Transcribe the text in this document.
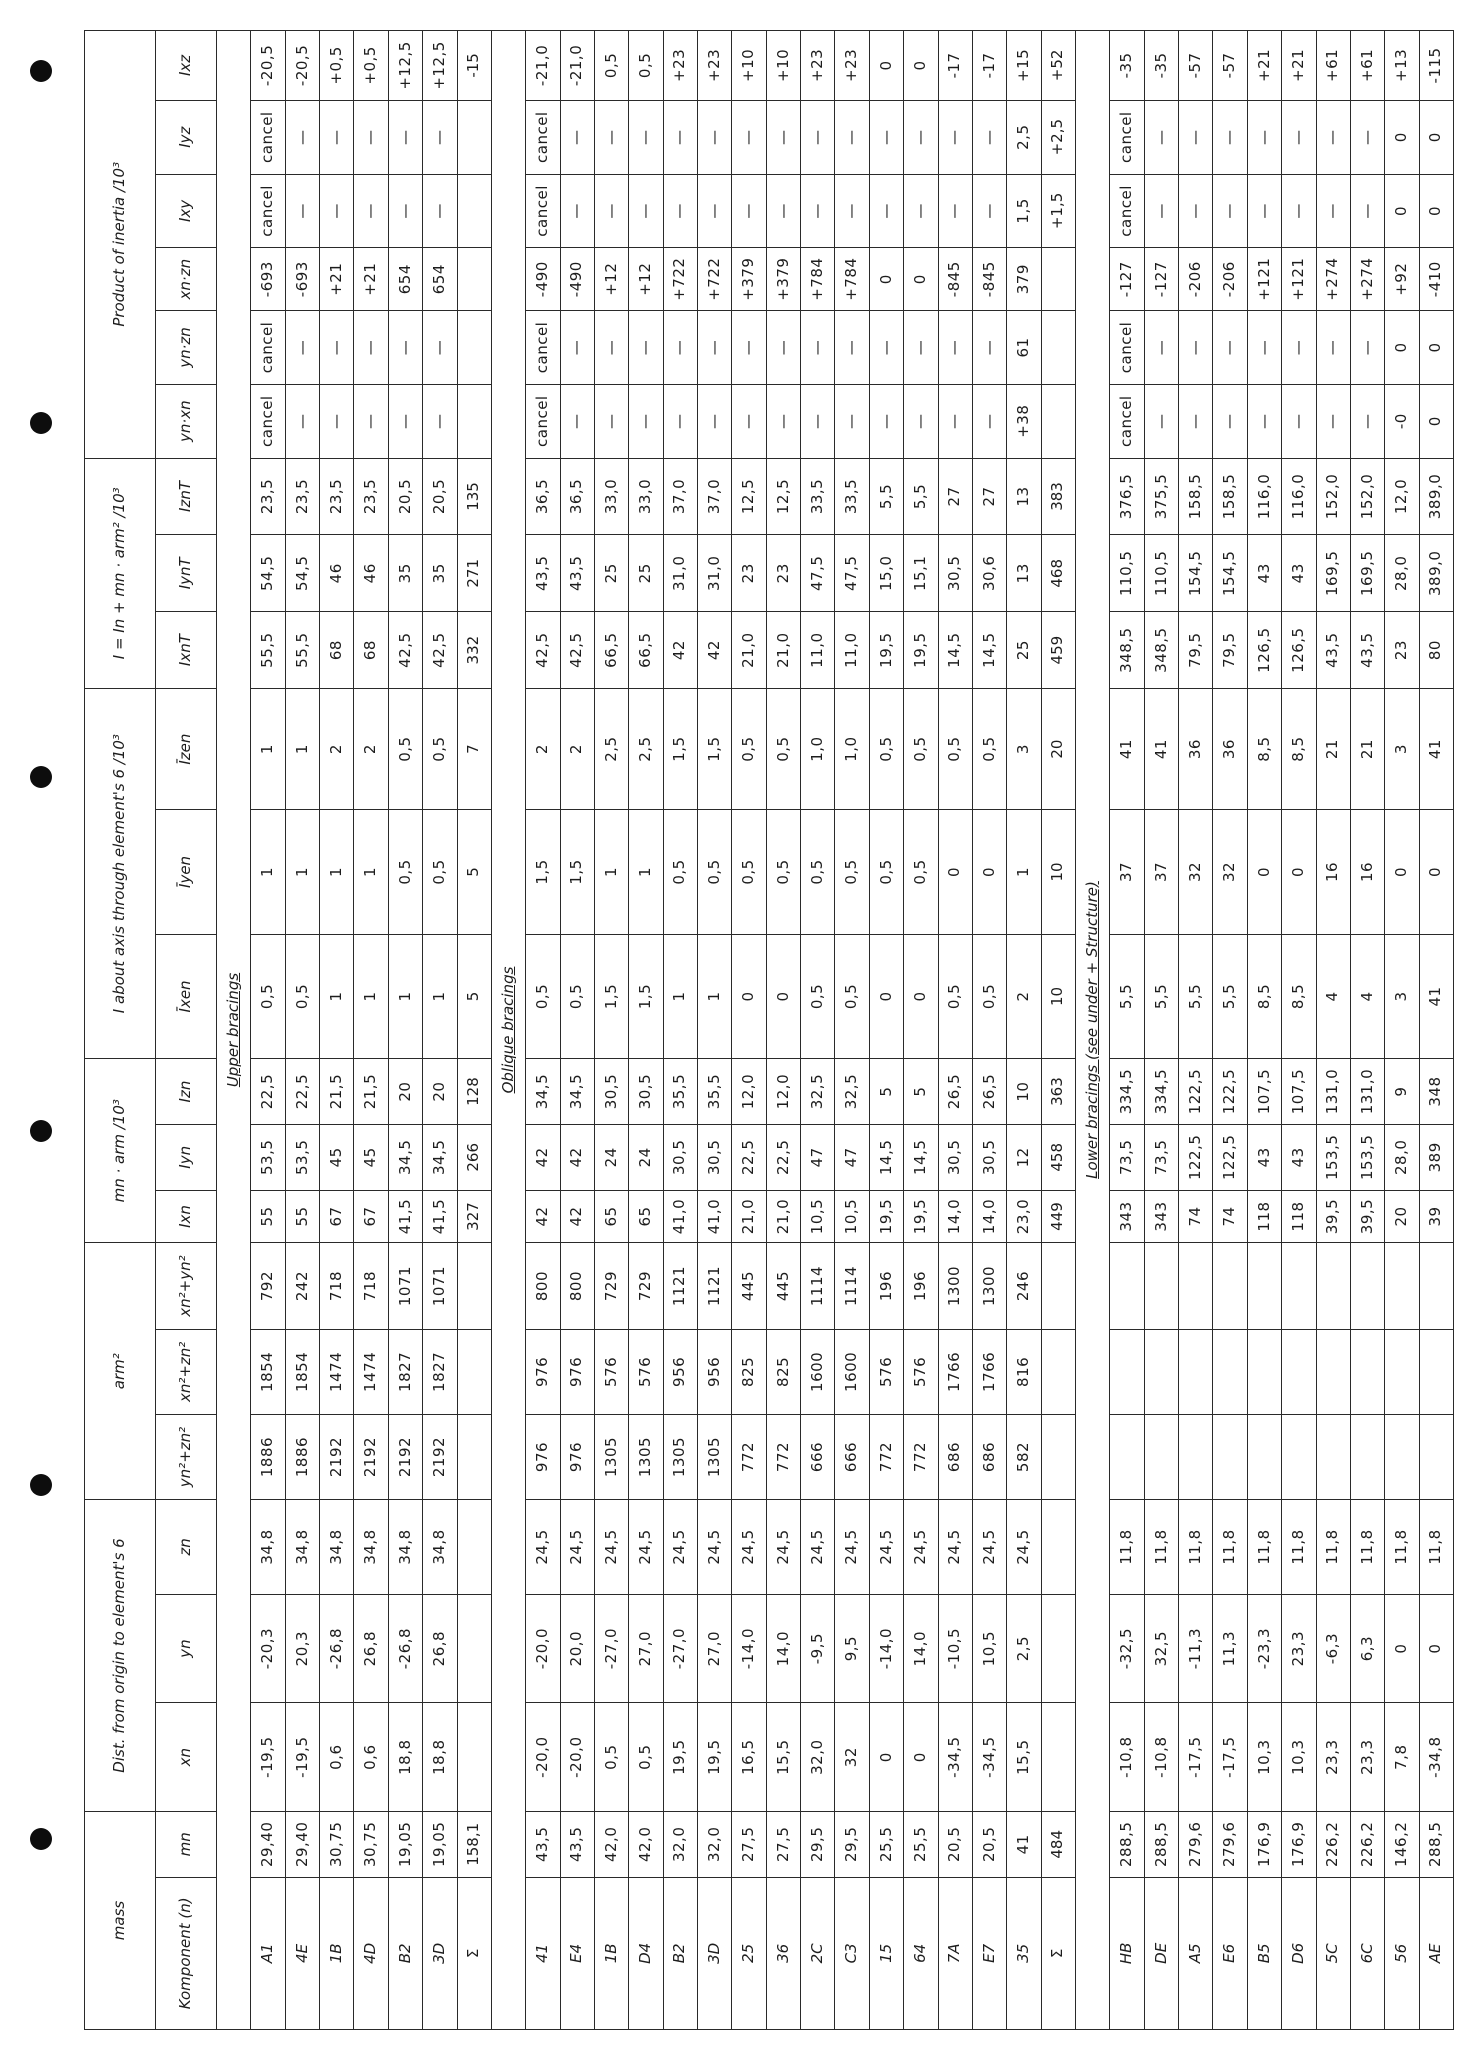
mass		Dist. from origin to element's 6			arm²			mn · arm /10³			I about axis through element's 6 /10³			I = In + mn · arm² /10³			Product of inertia /10³					
Komponent (n)	mn	xn	yn	zn	yn²+zn²	xn²+zn²	xn²+yn²	Ixn	Iyn	Izn	Īxen	Īyen	Īzen	IxnT	IynT	IznT	yn·xn	yn·zn	xn·zn	Ixy	Iyz	Ixz
Upper bracings																						
A1	29,40	-19,5	-20,3	34,8	1886	1854	792	55	53,5	22,5	0,5	1	1	55,5	54,5	23,5	cancel	cancel	-693	cancel	cancel	-20,5
4E	29,40	-19,5	20,3	34,8	1886	1854	242	55	53,5	22,5	0,5	1	1	55,5	54,5	23,5	—	—	-693	—	—	-20,5
1B	30,75	0,6	-26,8	34,8	2192	1474	718	67	45	21,5	1	1	2	68	46	23,5	—	—	+21	—	—	+0,5
4D	30,75	0,6	26,8	34,8	2192	1474	718	67	45	21,5	1	1	2	68	46	23,5	—	—	+21	—	—	+0,5
B2	19,05	18,8	-26,8	34,8	2192	1827	1071	41,5	34,5	20	1	0,5	0,5	42,5	35	20,5	—	—	654	—	—	+12,5
3D	19,05	18,8	26,8	34,8	2192	1827	1071	41,5	34,5	20	1	0,5	0,5	42,5	35	20,5	—	—	654	—	—	+12,5
Σ	158,1							327	266	128	5	5	7	332	271	135						-15
Oblique bracings																						
41	43,5	-20,0	-20,0	24,5	976	976	800	42	42	34,5	0,5	1,5	2	42,5	43,5	36,5	cancel	cancel	-490	cancel	cancel	-21,0
E4	43,5	-20,0	20,0	24,5	976	976	800	42	42	34,5	0,5	1,5	2	42,5	43,5	36,5	—	—	-490	—	—	-21,0
1B	42,0	0,5	-27,0	24,5	1305	576	729	65	24	30,5	1,5	1	2,5	66,5	25	33,0	—	—	+12	—	—	0,5
D4	42,0	0,5	27,0	24,5	1305	576	729	65	24	30,5	1,5	1	2,5	66,5	25	33,0	—	—	+12	—	—	0,5
B2	32,0	19,5	-27,0	24,5	1305	956	1121	41,0	30,5	35,5	1	0,5	1,5	42	31,0	37,0	—	—	+722	—	—	+23
3D	32,0	19,5	27,0	24,5	1305	956	1121	41,0	30,5	35,5	1	0,5	1,5	42	31,0	37,0	—	—	+722	—	—	+23
25	27,5	16,5	-14,0	24,5	772	825	445	21,0	22,5	12,0	0	0,5	0,5	21,0	23	12,5	—	—	+379	—	—	+10
36	27,5	15,5	14,0	24,5	772	825	445	21,0	22,5	12,0	0	0,5	0,5	21,0	23	12,5	—	—	+379	—	—	+10
2C	29,5	32,0	-9,5	24,5	666	1600	1114	10,5	47	32,5	0,5	0,5	1,0	11,0	47,5	33,5	—	—	+784	—	—	+23
C3	29,5	32	9,5	24,5	666	1600	1114	10,5	47	32,5	0,5	0,5	1,0	11,0	47,5	33,5	—	—	+784	—	—	+23
15	25,5	0	-14,0	24,5	772	576	196	19,5	14,5	5	0	0,5	0,5	19,5	15,0	5,5	—	—	0	—	—	0
64	25,5	0	14,0	24,5	772	576	196	19,5	14,5	5	0	0,5	0,5	19,5	15,1	5,5	—	—	0	—	—	0
7A	20,5	-34,5	-10,5	24,5	686	1766	1300	14,0	30,5	26,5	0,5	0	0,5	14,5	30,5	27	—	—	-845	—	—	-17
E7	20,5	-34,5	10,5	24,5	686	1766	1300	14,0	30,5	26,5	0,5	0	0,5	14,5	30,6	27	—	—	-845	—	—	-17
35	41	15,5	2,5	24,5	582	816	246	23,0	12	10	2	1	3	25	13	13	+38	61	379	1,5	2,5	+15
Σ	484							449	458	363	10	10	20	459	468	383				+1,5	+2,5	+52
Lower bracings (see under + Structure)																						
HB	288,5	-10,8	-32,5	11,8				343	73,5	334,5	5,5	37	41	348,5	110,5	376,5	cancel	cancel	-127	cancel	cancel	-35
DE	288,5	-10,8	32,5	11,8				343	73,5	334,5	5,5	37	41	348,5	110,5	375,5	—	—	-127	—	—	-35
A5	279,6	-17,5	-11,3	11,8				74	122,5	122,5	5,5	32	36	79,5	154,5	158,5	—	—	-206	—	—	-57
E6	279,6	-17,5	11,3	11,8				74	122,5	122,5	5,5	32	36	79,5	154,5	158,5	—	—	-206	—	—	-57
B5	176,9	10,3	-23,3	11,8				118	43	107,5	8,5	0	8,5	126,5	43	116,0	—	—	+121	—	—	+21
D6	176,9	10,3	23,3	11,8				118	43	107,5	8,5	0	8,5	126,5	43	116,0	—	—	+121	—	—	+21
5C	226,2	23,3	-6,3	11,8				39,5	153,5	131,0	4	16	21	43,5	169,5	152,0	—	—	+274	—	—	+61
6C	226,2	23,3	6,3	11,8				39,5	153,5	131,0	4	16	21	43,5	169,5	152,0	—	—	+274	—	—	+61
56	146,2	7,8	0	11,8				20	28,0	9	3	0	3	23	28,0	12,0	-0	0	+92	0	0	+13
AE	288,5	-34,8	0	11,8				39	389	348	41	0	41	80	389,0	389,0	0	0	-410	0	0	-115
